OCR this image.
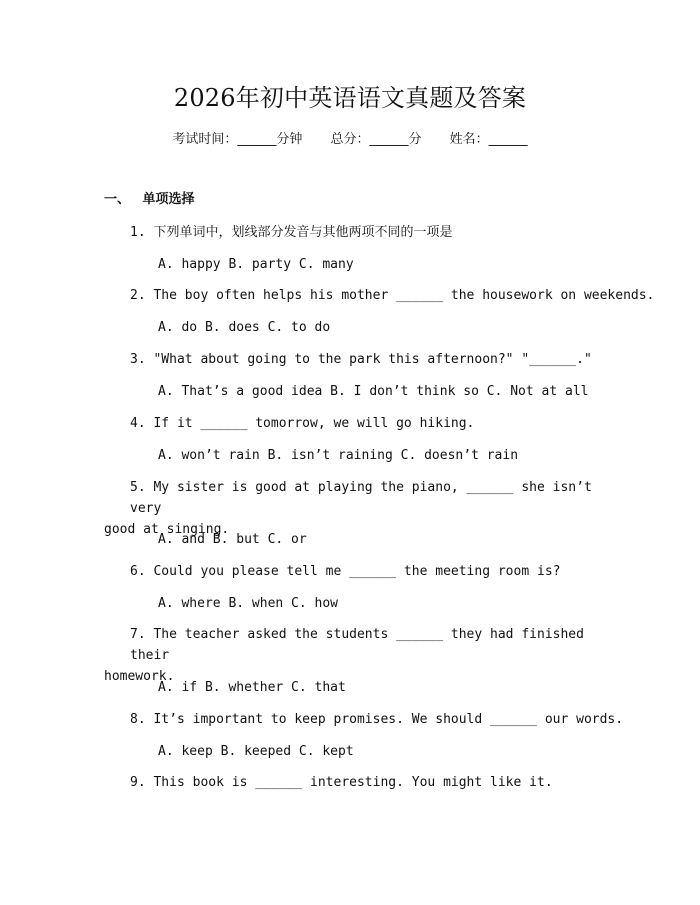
2026年初中英语语文真题及答案
考试时间：______分钟 总分：______分 姓名：______
一、 单项选择
1. 下列单词中，划线部分发音与其他两项不同的一项是
A. happy B. party C. many
2. The boy often helps his mother ______ the housework on weekends.
A. do B. does C. to do
3. "What about going to the park this afternoon?" "______."
A. That’s a good idea B. I don’t think so C. Not at all
4. If it ______ tomorrow, we will go hiking.
A. won’t rain B. isn’t raining C. doesn’t rain
5. My sister is good at playing the piano, ______ she isn’t very
good at singing.
A. and B. but C. or
6. Could you please tell me ______ the meeting room is?
A. where B. when C. how
7. The teacher asked the students ______ they had finished their
homework.
A. if B. whether C. that
8. It’s important to keep promises. We should ______ our words.
A. keep B. keeped C. kept
9. This book is ______ interesting. You might like it.
